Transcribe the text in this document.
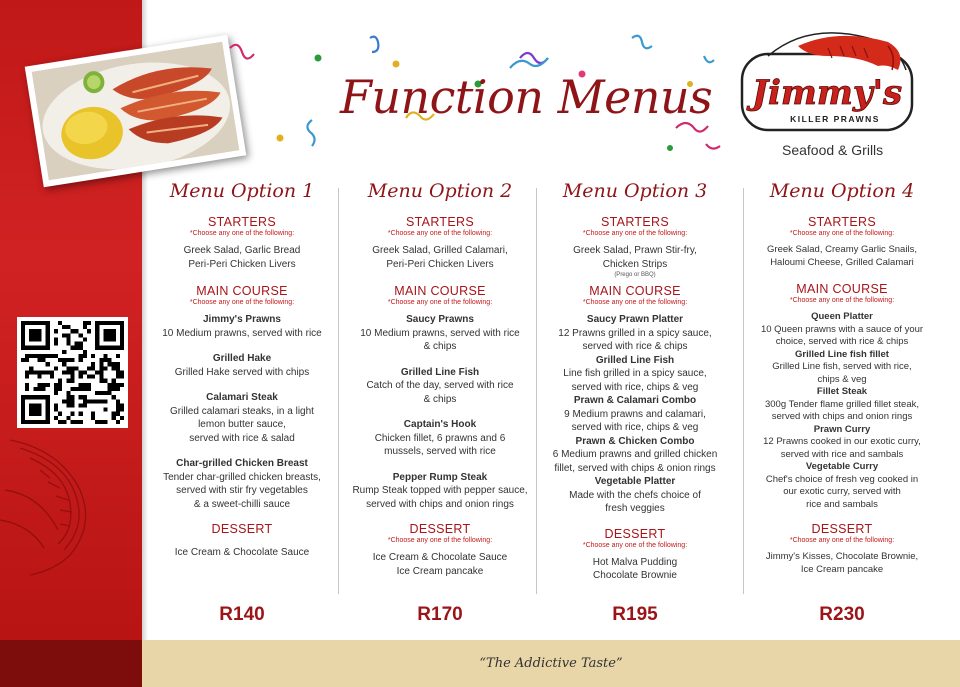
“The Addictive Taste”
Function Menus Jimmy's
KILLER PRAWNS
Seafood & Grills
Menu Option 1
STARTERS
*Choose any one of the following:
Greek Salad, Garlic Bread
Peri-Peri Chicken Livers
MAIN COURSE
*Choose any one of the following:
Jimmy's Prawns
10 Medium prawns, served with rice
Grilled Hake
Grilled Hake served with chips
Calamari Steak
Grilled calamari steaks, in a light
lemon butter sauce,
served with rice & salad
Char-grilled Chicken Breast
Tender char-grilled chicken breasts,
served with stir fry vegetables
& a sweet-chilli sauce
DESSERT
Ice Cream & Chocolate Sauce
Menu Option 2
STARTERS
*Choose any one of the following:
Greek Salad, Grilled Calamari,
Peri-Peri Chicken Livers
MAIN COURSE
*Choose any one of the following:
Saucy Prawns
10 Medium prawns, served with rice
& chips
Grilled Line Fish
Catch of the day, served with rice
& chips
Captain's Hook
Chicken fillet, 6 prawns and 6
mussels, served with rice
Pepper Rump Steak
Rump Steak topped with pepper sauce,
served with chips and onion rings
DESSERT
*Choose any one of the following:
Ice Cream & Chocolate Sauce
Ice Cream pancake
Menu Option 3
STARTERS
*Choose any one of the following:
Greek Salad, Prawn Stir-fry,
Chicken Strips
(Prego or BBQ)
MAIN COURSE
*Choose any one of the following:
Saucy Prawn Platter
12 Prawns grilled in a spicy sauce,
served with rice & chips
Grilled Line Fish
Line fish grilled in a spicy sauce,
served with rice, chips & veg
Prawn & Calamari Combo
9 Medium prawns and calamari,
served with rice, chips & veg
Prawn & Chicken Combo
6 Medium prawns and grilled chicken
fillet, served with chips & onion rings
Vegetable Platter
Made with the chefs choice of
fresh veggies
DESSERT
*Choose any one of the following:
Hot Malva Pudding
Chocolate Brownie
Menu Option 4
STARTERS
*Choose any one of the following:
Greek Salad, Creamy Garlic Snails,
Haloumi Cheese, Grilled Calamari
MAIN COURSE
*Choose any one of the following:
Queen Platter
10 Queen prawns with a sauce of your
choice, served with rice & chips
Grilled Line fish fillet
Grilled Line fish, served with rice,
chips & veg
Fillet Steak
300g Tender flame grilled fillet steak,
served with chips and onion rings
Prawn Curry
12 Prawns cooked in our exotic curry,
served with rice and sambals
Vegetable Curry
Chef's choice of fresh veg cooked in
our exotic curry, served with
rice and sambals
DESSERT
*Choose any one of the following:
Jimmy's Kisses, Chocolate Brownie,
Ice Cream pancake
R140	R170	R195	R230
